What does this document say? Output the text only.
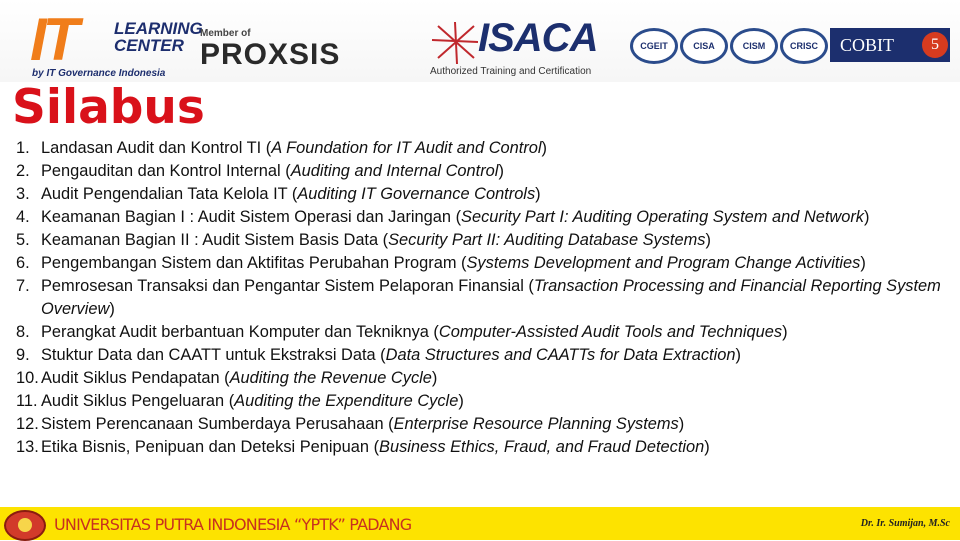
IT LEARNING
CENTER
by IT Governance Indonesia
Member of
PROXSIS	ISACA
Authorized Training and Certification
CGEIT	CISA	CISM	CRISC	COBIT	5
Silabus
1. Landasan Audit dan Kontrol TI (A Foundation for IT Audit and Control)
2. Pengauditan dan Kontrol Internal (Auditing and Internal Control)
3. Audit Pengendalian Tata Kelola IT (Auditing IT Governance Controls)
4. Keamanan Bagian I : Audit Sistem Operasi dan Jaringan (Security Part I: Auditing Operating System and Network)
5. Keamanan Bagian II : Audit Sistem Basis Data (Security Part II: Auditing Database Systems)
6. Pengembangan Sistem dan Aktifitas Perubahan Program (Systems Development and Program Change Activities)
7. Pemrosesan Transaksi dan Pengantar Sistem Pelaporan Finansial (Transaction Processing and Financial Reporting System Overview)
8. Perangkat Audit berbantuan Komputer dan Tekniknya (Computer-Assisted Audit Tools and Techniques)
9. Stuktur Data dan CAATT untuk Ekstraksi Data (Data Structures and CAATTs for Data Extraction)
10. Audit Siklus Pendapatan (Auditing the Revenue Cycle)
11. Audit Siklus Pengeluaran (Auditing the Expenditure Cycle)
12. Sistem Perencanaan Sumberdaya Perusahaan (Enterprise Resource Planning Systems)
13. Etika Bisnis, Penipuan dan Deteksi Penipuan (Business Ethics, Fraud, and Fraud Detection)
UNIVERSITAS PUTRA INDONESIA “YPTK” PADANG	Dr. Ir. Sumijan, M.Sc
